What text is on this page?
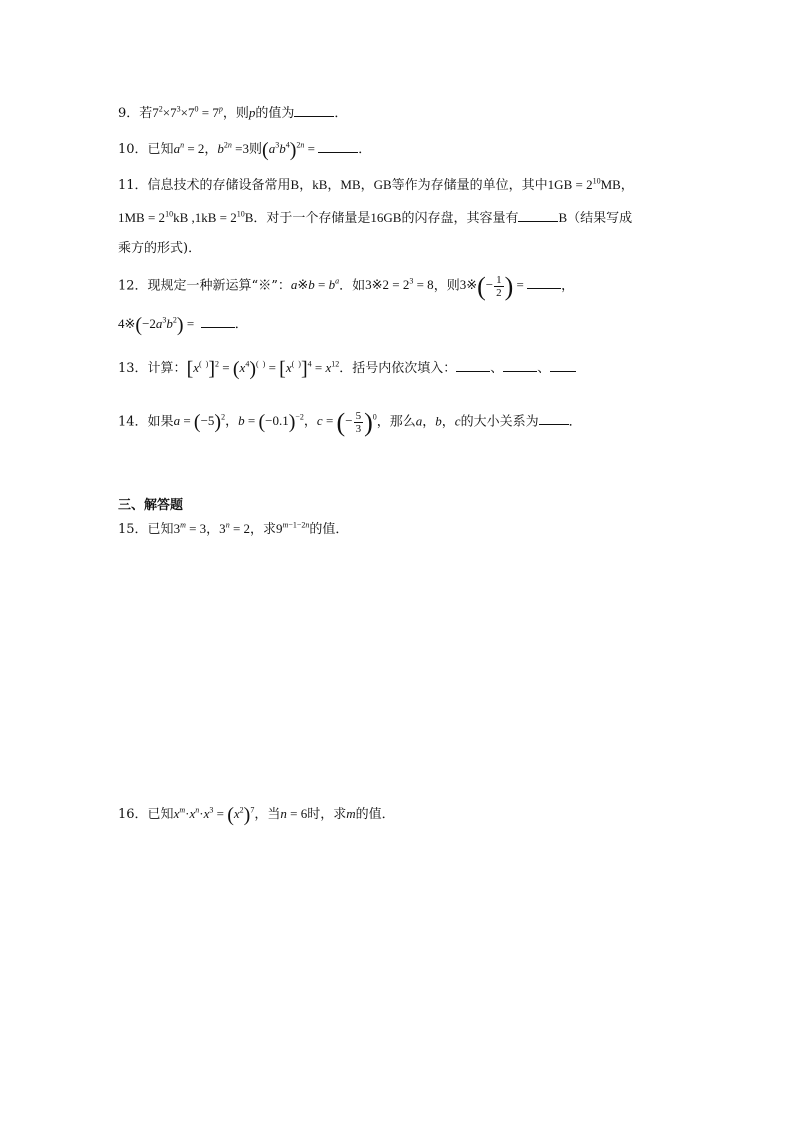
9．若$7^2\times 7^3\times 7^0 = 7^p$，则p的值为	．
10．已知$a^n = 2$，$b^{2n} =3$则$(a^3b^4)^{2n}$ =	．
11．信息技术的存储设备常用B，kB，MB，GB等作为存储量的单位，其中$1GB = 2^{10}MB$，
$1MB = 2^{10}kB$ $,1kB = 2^{10}B$．对于一个存储量是16GB的闪存盘，其容量有	B（结果写成
乘方的形式)．
12．现规定一种新运算“※”：a※b = $b^a$．如3※2 = $2^3 = 8$，则3※(− $\frac{1}{2}$ ) =	，
$4※(-2a^3b^2)$ =	．
13．计算：$[x^{( )}]^2 = (x^4)^{( )} = [x^{( )}]^4 = x^{12}$．括号内依次填入：	、	、
14．如果$a = (-5)^2$，$b = (-0.1)^{-2}$，c = (− $\frac{5}{3} )^0$，那么a，b，c的大小关系为 ．
三、解答题
15．已知$3^m = 3$，$3^n = 2$，求$9^{m-1-2n}$的值．
16．已知$x^m\cdot x^n\cdot x^3 = (x^2)^7$，当n = 6时，求m的值．
